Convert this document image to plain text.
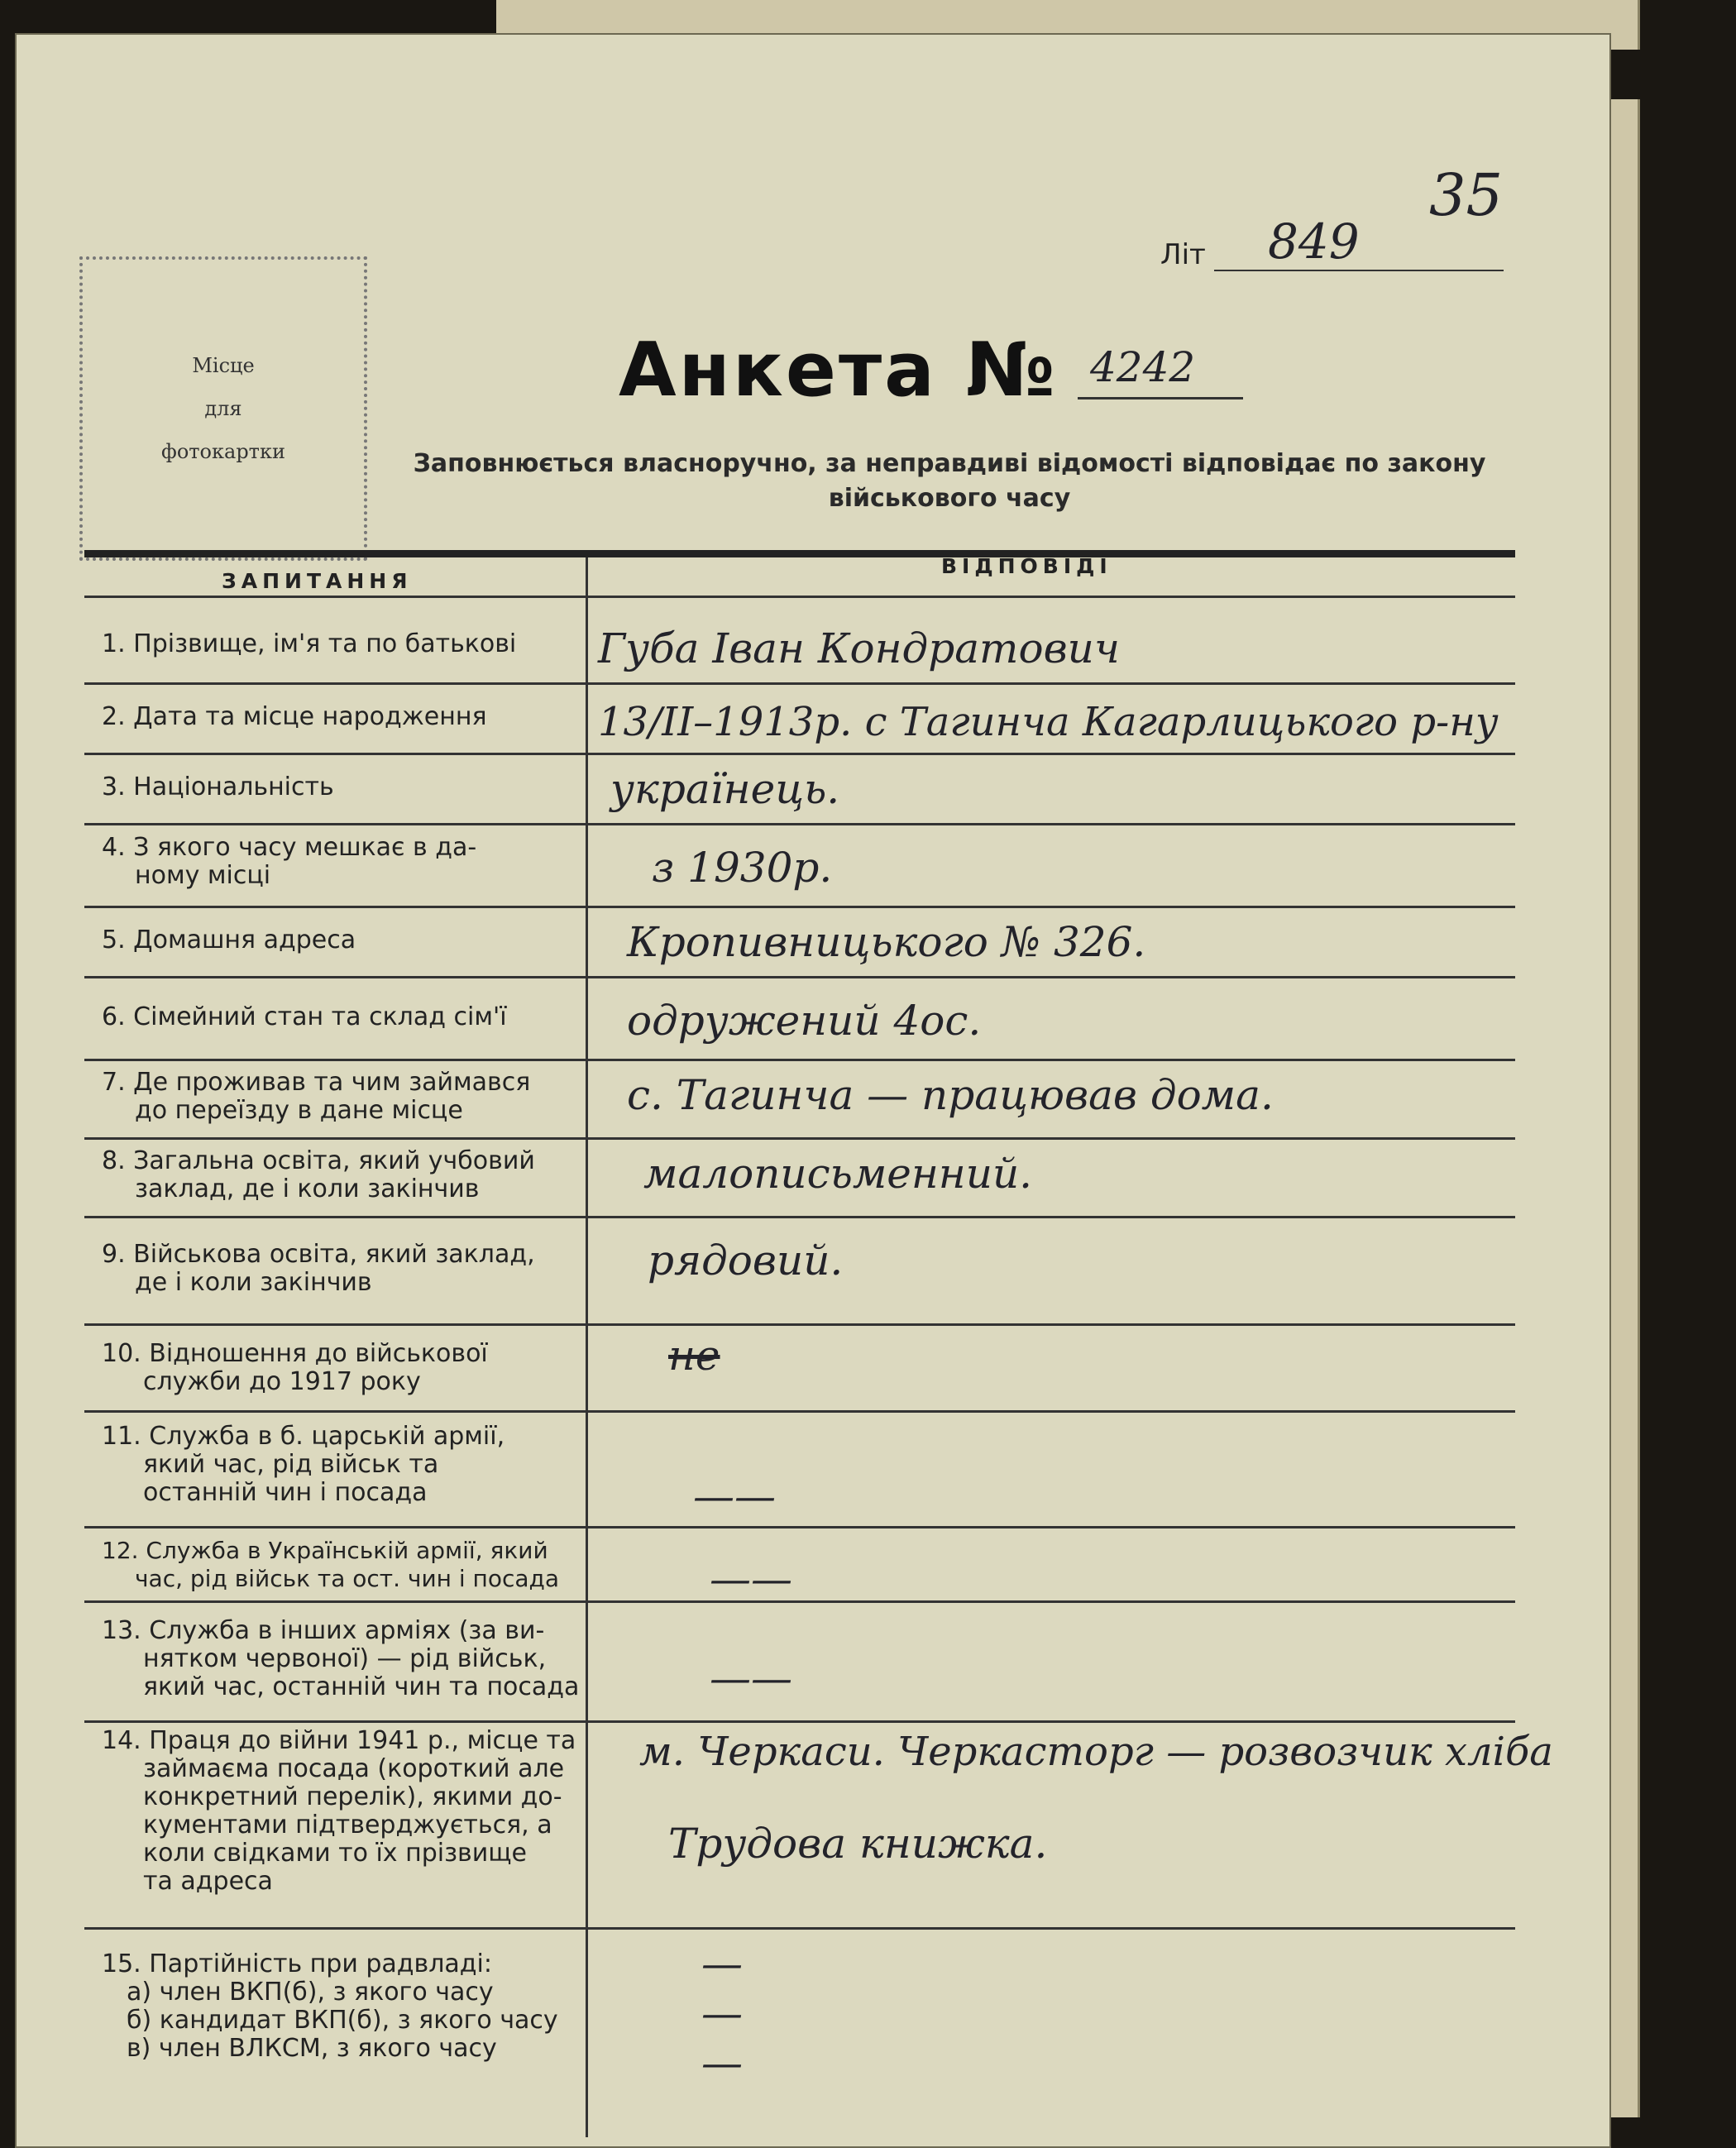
Літ 849
35
Місце
для
фотокартки
Анкета № 4242
Заповнюється власноручно, за неправдиві відомості відповідає по закону
військового часу
ЗАПИТАННЯ
ВІДПОВІДІ
1. Прізвище, ім'я та по батькові
2. Дата та місце народження
3. Національність
4. З якого часу мешкає в да-
ному місці
5. Домашня адреса
6. Сімейний стан та склад сім'ї
7. Де проживав та чим займався
до переїзду в дане місце
8. Загальна освіта, який учбовий
заклад, де і коли закінчив
9. Військова освіта, який заклад,
де і коли закінчив
10. Відношення до військової
служби до 1917 року
11. Служба в б. царській армії,
який час, рід військ та
останній чин і посада
12. Служба в Українській армії, який
час, рід військ та ост. чин і посада
13. Служба в інших арміях (за ви-
нятком червоної) — рід військ,
який час, останній чин та посада
14. Праця до війни 1941 р., місце та
займаєма посада (короткий але
конкретний перелік), якими до-
кументами підтверджується, а
коли свідками то їх прізвище
та адреса
15. Партійність при радвладі:
а) член ВКП(б), з якого часу
б) кандидат ВКП(б), з якого часу
в) член ВЛКСМ, з якого часу
Губа Іван Кондратович
13/II–1913р. с Тагинча Кагарлицького р-ну
українець.
з 1930р.
Кропивницького № 326.
одружений 4ос.
с. Тагинча — працював дома.
малописьменний.
рядовий.
не
——
——
——
м. Черкаси. Черкасторг — розвозчик хліба
Трудова книжка.
—
—
—
